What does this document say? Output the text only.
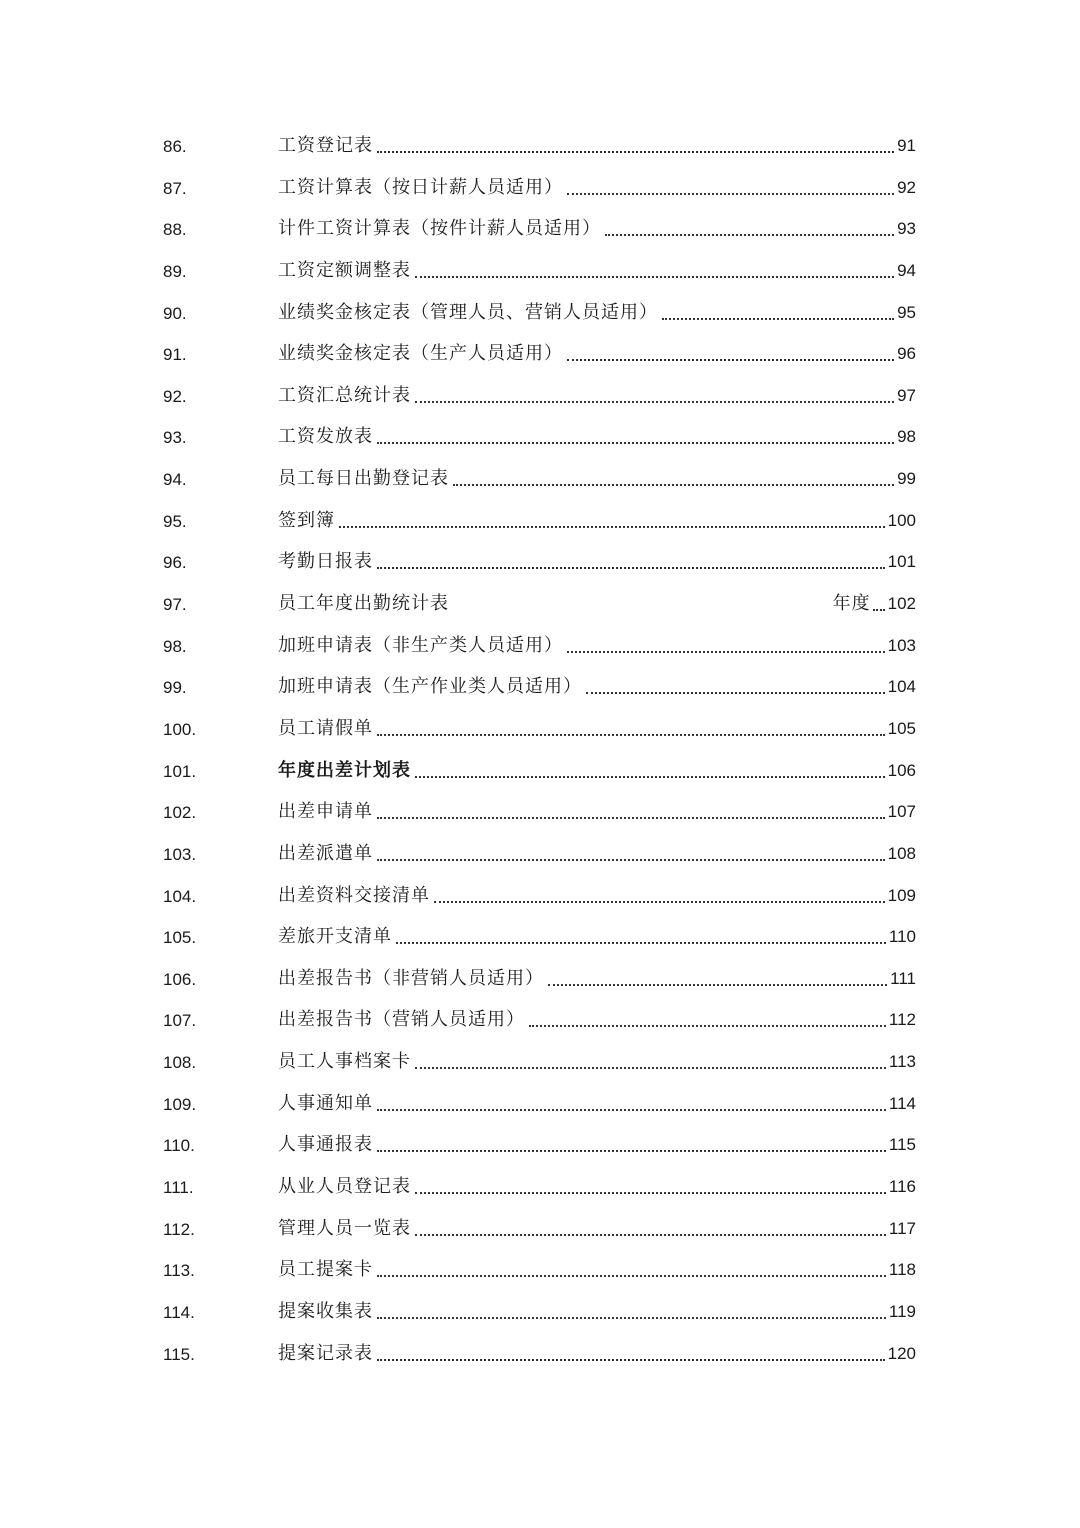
86.	工资登记表	91
87.	工资计算表（按日计薪人员适用）	92
88.	计件工资计算表（按件计薪人员适用）	93
89.	工资定额调整表	94
90.	业绩奖金核定表（管理人员、营销人员适用）	95
91.	业绩奖金核定表（生产人员适用）	96
92.	工资汇总统计表	97
93.	工资发放表	98
94.	员工每日出勤登记表	99
95.	签到簿	100
96.	考勤日报表	101
97.	员工年度出勤统计表	年度 102
98.	加班申请表（非生产类人员适用）	103
99.	加班申请表（生产作业类人员适用）	104
100.	员工请假单	105
101.	年度出差计划表	106
102.	出差申请单	107
103.	出差派遣单	108
104.	出差资料交接清单	109
105.	差旅开支清单	110
106.	出差报告书（非营销人员适用）	111
107.	出差报告书（营销人员适用）	112
108.	员工人事档案卡	113
109.	人事通知单	114
110.	人事通报表	115
111.	从业人员登记表	116
112.	管理人员一览表	117
113.	员工提案卡	118
114.	提案收集表	119
115.	提案记录表	120
